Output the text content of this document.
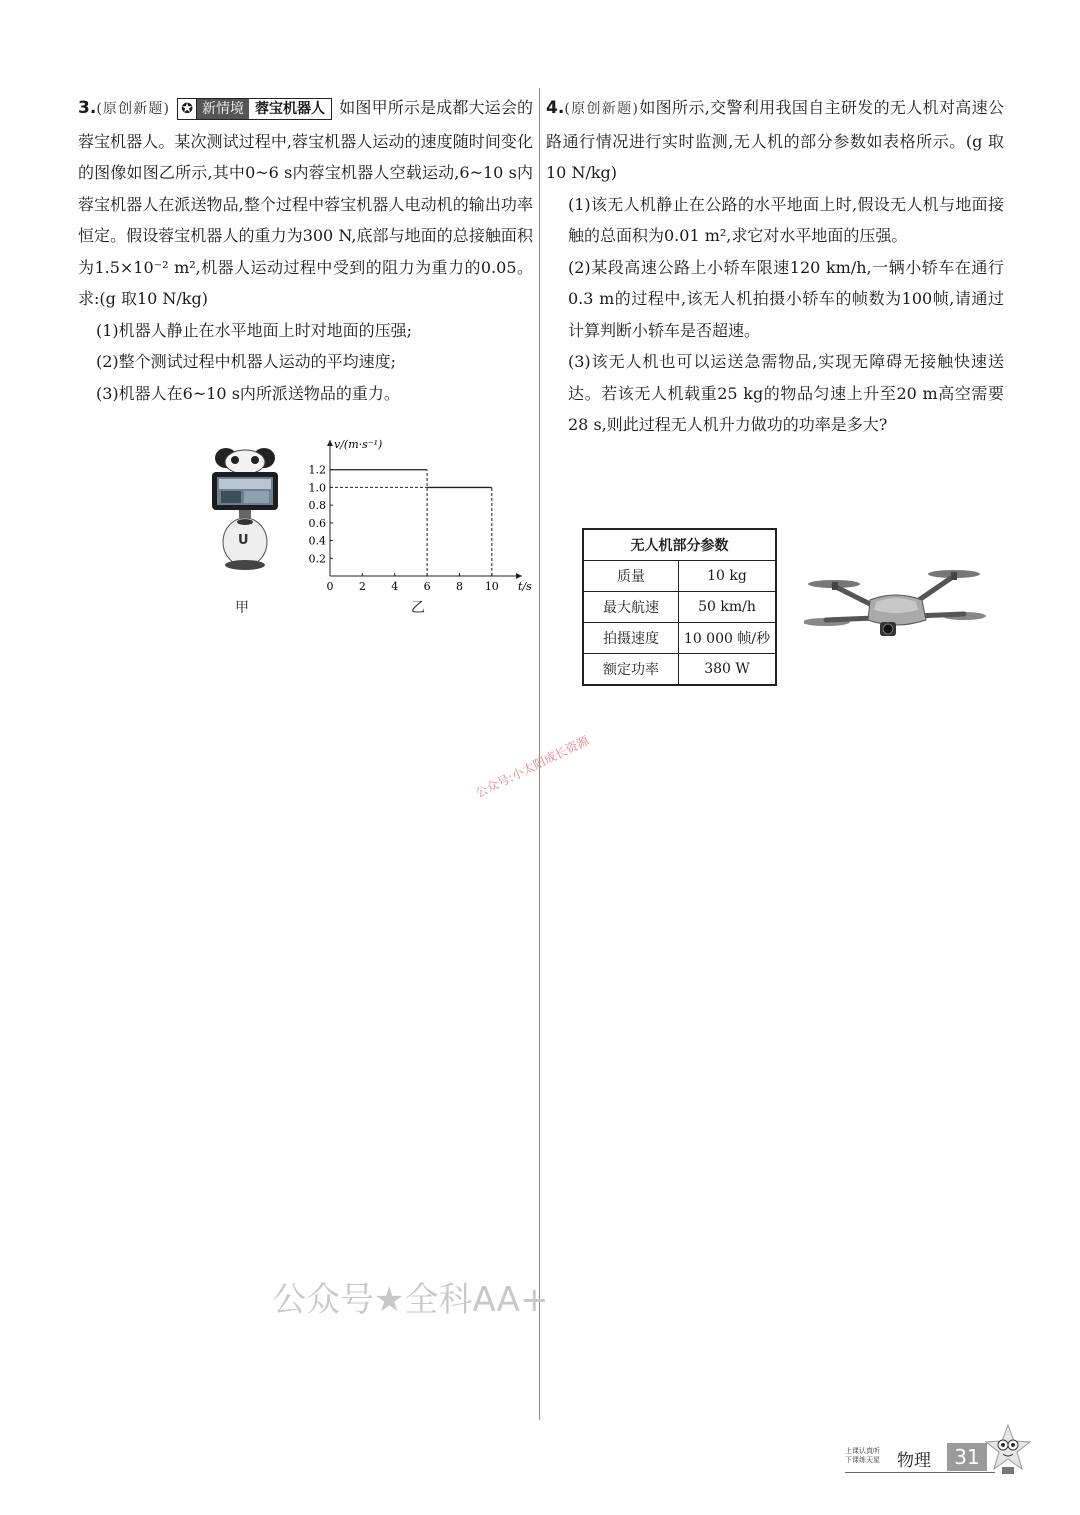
3.(原创新题) ✪ 新情境 蓉宝机器人 如图甲所示是成都大运会的蓉宝机器人。某次测试过程中,蓉宝机器人运动的速度随时间变化的图像如图乙所示,其中0~6 s内蓉宝机器人空载运动,6~10 s内蓉宝机器人在派送物品,整个过程中蓉宝机器人电动机的输出功率恒定。假设蓉宝机器人的重力为300 N,底部与地面的总接触面积为1.5×10⁻² m²,机器人运动过程中受到的阻力为重力的0.05。求:(g 取10 N/kg)

(1)机器人静止在水平地面上时对地面的压强;

(2)整个测试过程中机器人运动的平均速度;

(3)机器人在6~10 s内所派送物品的重力。

U
甲
0 2 4 6 8 10
0.2
0.4
0.6
0.8
1.0
1.2
v/(m·s⁻¹)
t/s
乙

4.(原创新题)如图所示,交警利用我国自主研发的无人机对高速公路通行情况进行实时监测,无人机的部分参数如表格所示。(g 取10 N/kg)

(1)该无人机静止在公路的水平地面上时,假设无人机与地面接触的总面积为0.01 m²,求它对水平地面的压强。

(2)某段高速公路上小轿车限速120 km/h,一辆小轿车在通行0.3 m的过程中,该无人机拍摄小轿车的帧数为100帧,请通过计算判断小轿车是否超速。

(3)该无人机也可以运送急需物品,实现无障碍无接触快速送达。若该无人机载重25 kg的物品匀速上升至20 m高空需要28 s,则此过程无人机升力做功的功率是多大?

无人机部分参数	
质量	10 kg
最大航速	50 km/h
拍摄速度	10 000 帧/秒
额定功率	380 W
公众号:小太阳成长资源
公众号★全科AA+
上课认真听
下课练天星	物理	31
